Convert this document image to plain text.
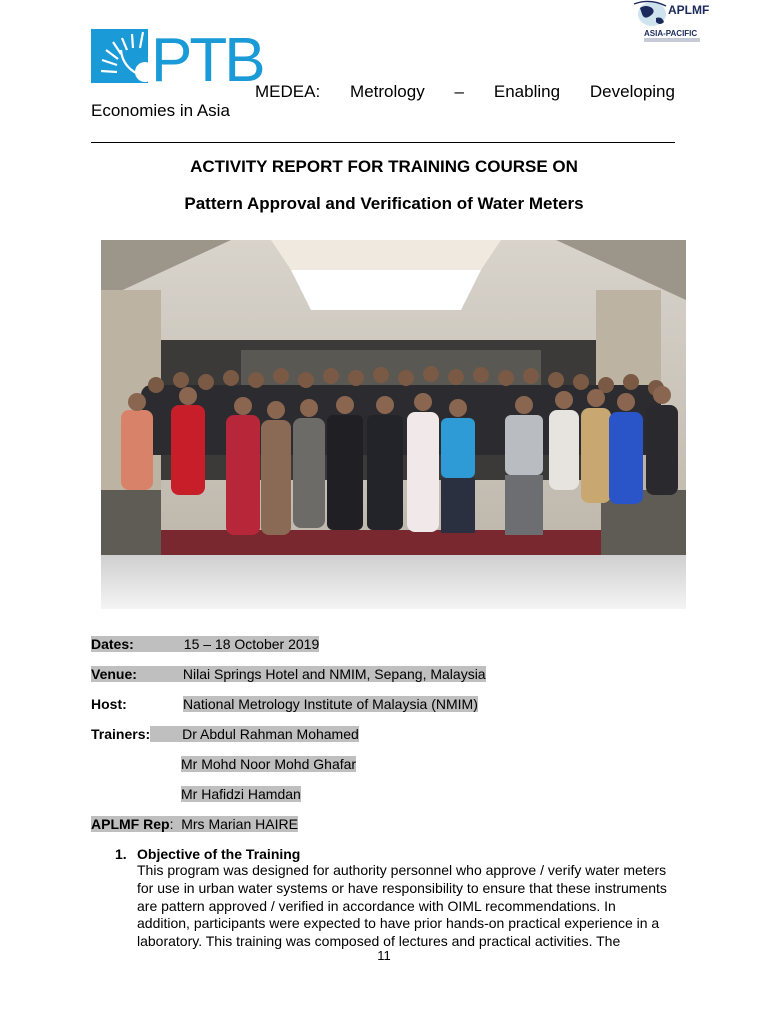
PTB
APLMF
ASIA-PACIFIC
MEDEA: Metrology – Enabling Developing
Economies in Asia
ACTIVITY REPORT FOR TRAINING COURSE ON
Pattern Approval and Verification of Water Meters
Dates:	15 – 18 October 2019
Venue:	Nilai Springs Hotel and NMIM, Sepang, Malaysia
Host:	National Metrology Institute of Malaysia (NMIM)
Trainers: Dr Abdul Rahman Mohamed
Mr Mohd Noor Mohd Ghafar
Mr Hafidzi Hamdan
APLMF Rep: Mrs Marian HAIRE
1. Objective of the Training
This program was designed for authority personnel who approve / verify water meters
for use in urban water systems or have responsibility to ensure that these instruments
are pattern approved / verified in accordance with OIML recommendations. In
addition, participants were expected to have prior hands-on practical experience in a
laboratory. This training was composed of lectures and practical activities. The
11
